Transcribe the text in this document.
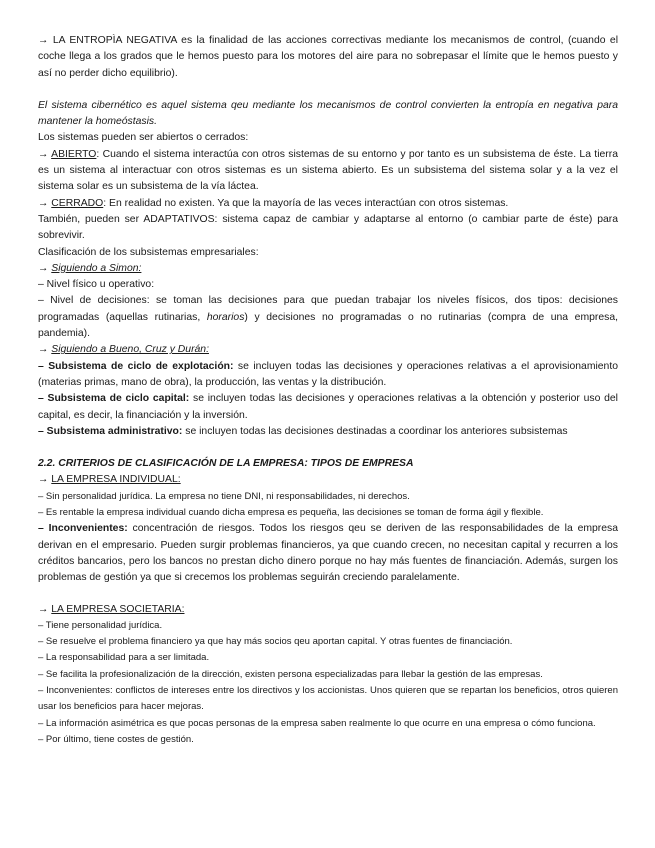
→ LA ENTROPÌA NEGATIVA es la finalidad de las acciones correctivas mediante los mecanismos de control, (cuando el coche llega a los grados que le hemos puesto para los motores del aire para no sobrepasar el límite que le hemos puesto y así no perder dicho equilibrio).

El sistema cibernético es aquel sistema qeu mediante los mecanismos de control convierten la entropía en negativa para mantener la homeóstasis.

Los sistemas pueden ser abiertos o cerrados:

→ ABIERTO: Cuando el sistema interactúa con otros sistemas de su entorno y por tanto es un subsistema de éste. La tierra es un sistema al interactuar con otros sistemas es un sistema abierto. Es un subsistema del sistema solar y a la vez el sistema solar es un subsistema de la vía láctea.

→ CERRADO: En realidad no existen. Ya que la mayoría de las veces interactúan con otros sistemas.

También, pueden ser ADAPTATIVOS: sistema capaz de cambiar y adaptarse al entorno (o cambiar parte de éste) para sobrevivir.

Clasificación de los subsistemas empresariales:

→ Siguiendo a Simon:

– Nivel físico u operativo:

– Nivel de decisiones: se toman las decisiones para que puedan trabajar los niveles físicos, dos tipos: decisiones programadas (aquellas rutinarias, horarios) y decisiones no programadas o no rutinarias (compra de una empresa, pandemia).

→ Siguiendo a Bueno, Cruz y Durán:

– Subsistema de ciclo de explotación: se incluyen todas las decisiones y operaciones relativas a el aprovisionamiento (materias primas, mano de obra), la producción, las ventas y la distribución.

– Subsistema de ciclo capital: se incluyen todas las decisiones y operaciones relativas a la obtención y posterior uso del capital, es decir, la financiación y la inversión.

– Subsistema administrativo: se incluyen todas las decisiones destinadas a coordinar los anteriores subsistemas

2.2. CRITERIOS DE CLASIFICACIÓN DE LA EMPRESA: TIPOS DE EMPRESA

→ LA EMPRESA INDIVIDUAL:

– Sin personalidad jurídica. La empresa no tiene DNI, ni responsabilidades, ni derechos.

– Es rentable la empresa individual cuando dicha empresa es pequeña, las decisiones se toman de forma ágil y flexible.

– Inconvenientes: concentración de riesgos. Todos los riesgos qeu se deriven de las responsabilidades de la empresa derivan en el empresario. Pueden surgir problemas financieros, ya que cuando crecen, no necesitan capital y recurren a los créditos bancarios, pero los bancos no prestan dicho dinero porque no hay más fuentes de financiación. Además, surgen los problemas de gestión ya que si crecemos los problemas seguirán creciendo paralelamente.

→ LA EMPRESA SOCIETARIA:

– Tiene personalidad jurídica.

– Se resuelve el problema financiero ya que hay más socios qeu aportan capital. Y otras fuentes de financiación.

– La responsabilidad para a ser limitada.

– Se facilita la profesionalización de la dirección, existen persona especializadas para llebar la gestión de las empresas.

– Inconvenientes: conflictos de intereses entre los directivos y los accionistas. Unos quieren que se repartan los beneficios, otros quieren usar los beneficios para hacer mejoras.

– La información asimétrica es que pocas personas de la empresa saben realmente lo que ocurre en una empresa o cómo funciona.

– Por último, tiene costes de gestión.
